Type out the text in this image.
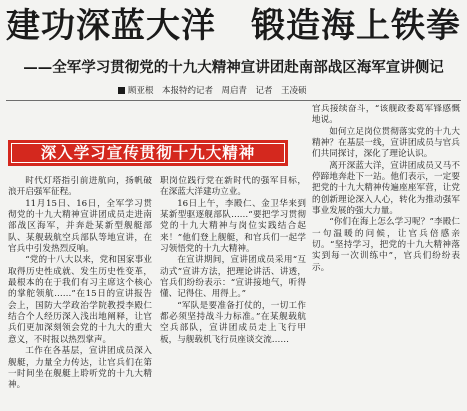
建功深蓝大洋　锻造海上铁拳
——全军学习贯彻党的十九大精神宣讲团赴南部战区海军宣讲侧记
顾亚根　本报特约记者　周启青　记者　王凌硕
深入学习宣传贯彻十九大精神

官兵接续奋斗，“该舰政委葛军锋感慨地说。

如何立足岗位贯彻落实党的十九大精神？在基层一线，宣讲团成员与官兵们共同探讨，深化了理论认识。

离开深蓝大洋，宣讲团成员又马不停蹄地奔赴下一站。他们表示，一定要把党的十九大精神传遍座座军营，让党的创新理论深入人心，转化为推动强军事业发展的强大力量。

“你们在海上怎么学习呢？”李殿仁一句温暖的问候，让官兵倍感亲切。“坚持学习，把党的十九大精神落实到每一次训练中”，官兵们纷纷表示。

时代灯塔指引前进航向，扬帆破浪开启强军征程。

11月15日、16日，全军学习贯彻党的十九大精神宣讲团成员走进南部战区海军，并奔赴某新型舰艇部队、某舰载航空兵部队等地宣讲，在官兵中引发热烈反响。

“党的十八大以来，党和国家事业取得历史性成就、发生历史性变革，最根本的在于我们有习主席这个核心的掌舵领航……”在15日的宣讲报告会上，国防大学政治学院教授李殿仁结合个人经历深入浅出地阐释，让官兵们更加深刻领会党的十九大的重大意义，不时报以热烈掌声。

工作在各基层，宣讲团成员深入舰艇，力量全力传达，让官兵们在第一时间坐在舰艇上聆听党的十九大精神。

职岗位践行党在新时代的强军目标，在深蓝大洋建功立业。

16日上午，李殿仁、金卫华来到某新型驱逐舰部队……“要把学习贯彻党的十九大精神与岗位实践结合起来！”他们登上舰艇，和官兵们一起学习领悟党的十九大精神。

在宣讲期间，宣讲团成员采用“互动式”宣讲方法，把理论讲活、讲透，官兵们纷纷表示：“宣讲接地气，听得懂、记得住、用得上。”

“军队是要准备打仗的，一切工作都必须坚持战斗力标准。”在某舰载航空兵部队，宣讲团成员走上飞行甲板，与舰载机飞行员座谈交流……
